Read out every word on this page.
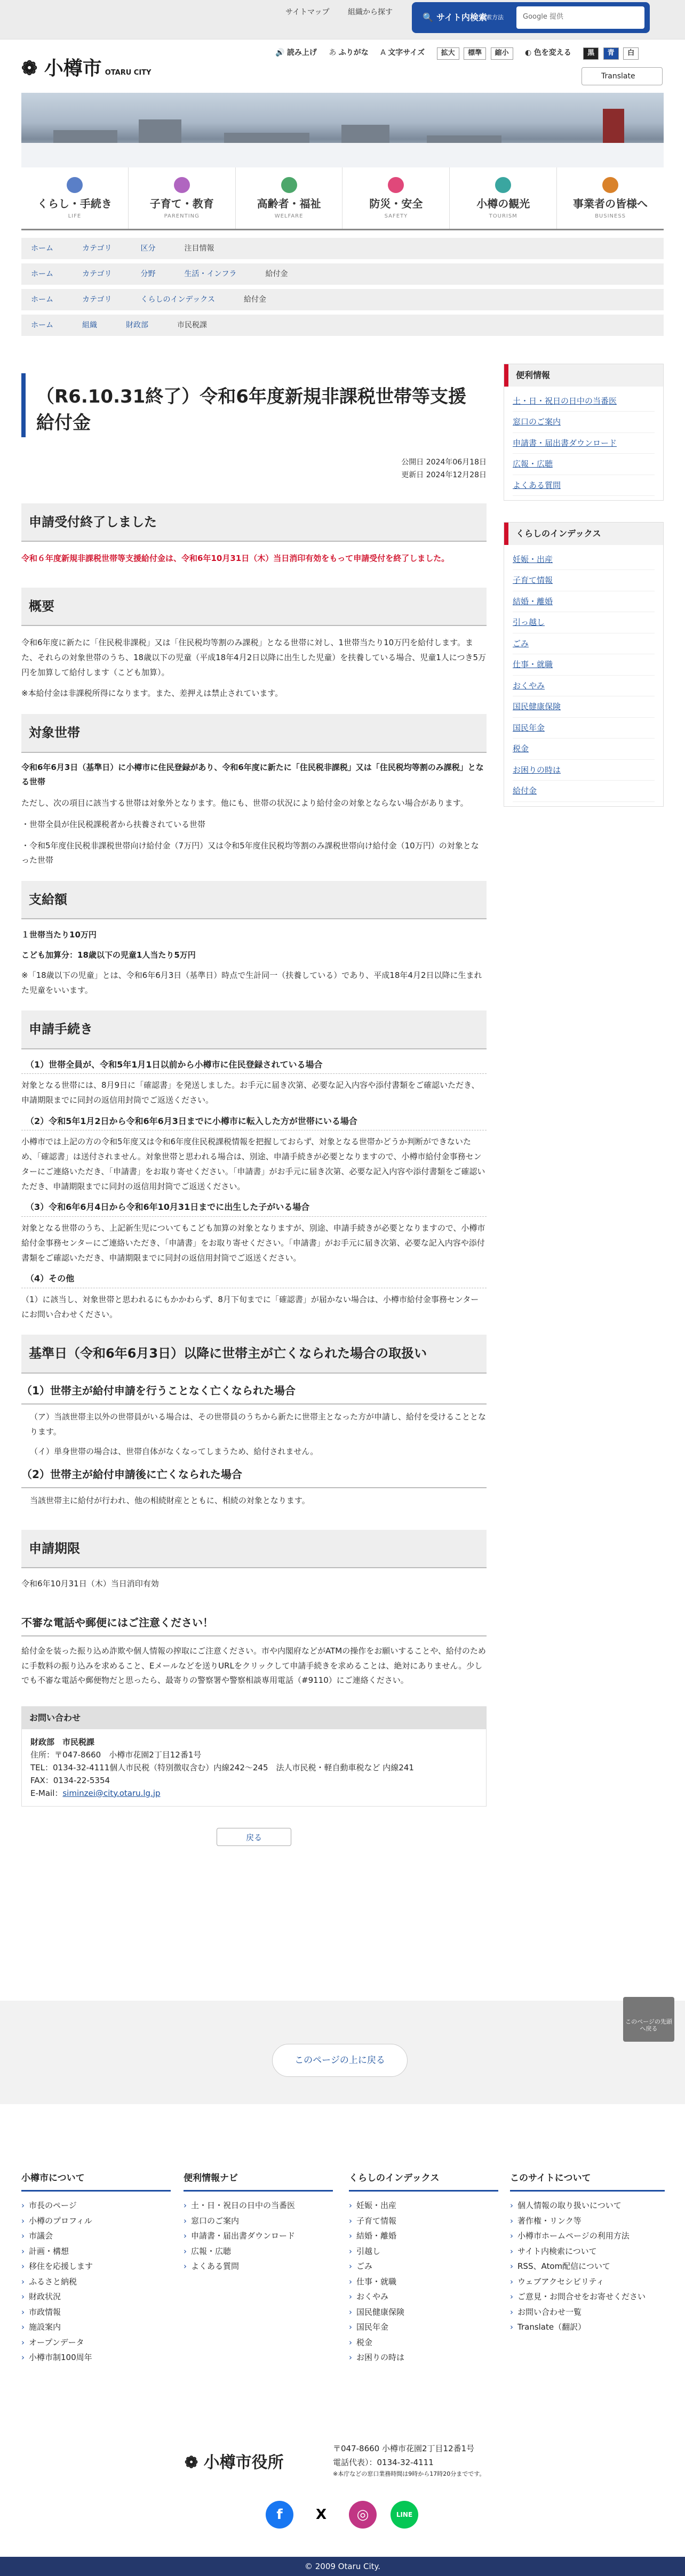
サイトマップ 組織から探す	🔍 サイト内検索
検索方法	Google 提供
❁ 小樽市 OTARU CITY
🔊 読み上げ あ ふりがな A 文字サイズ 拡大 標準 縮小 ◐ 色を変える 黒 青 白
Translate
くらし・手続き
LIFE
子育て・教育
PARENTING
高齢者・福祉
WELFARE
防災・安全
SAFETY
小樽の観光
TOURISM
事業者の皆様へ
BUSINESS
ホーム	カテゴリ	区分	注目情報
ホーム	カテゴリ	分野	生活・インフラ	給付金
ホーム	カテゴリ	くらしのインデックス	給付金
ホーム	組織	財政部	市民税課
（R6.10.31終了）令和6年度新規非課税世帯等支援給付金
公開日 2024年06月18日
更新日 2024年12月28日
申請受付終了しました

令和６年度新規非課税世帯等支援給付金は、令和6年10月31日（木）当日消印有効をもって申請受付を終了しました。

概要

令和6年度に新たに「住民税非課税」又は「住民税均等割のみ課税」となる世帯に対し、1世帯当たり10万円を給付します。また、それらの対象世帯のうち、18歳以下の児童（平成18年4月2日以降に出生した児童）を扶養している場合、児童1人につき5万円を加算して給付します（こども加算）。

※本給付金は非課税所得になります。また、差押えは禁止されています。

対象世帯

令和6年6月3日（基準日）に小樽市に住民登録があり、令和6年度に新たに「住民税非課税」又は「住民税均等割のみ課税」となる世帯

ただし、次の項目に該当する世帯は対象外となります。他にも、世帯の状況により給付金の対象とならない場合があります。

・世帯全員が住民税課税者から扶養されている世帯

・令和5年度住民税非課税世帯向け給付金（7万円）又は令和5年度住民税均等割のみ課税世帯向け給付金（10万円）の対象となった世帯

支給額

１世帯当たり10万円

こども加算分：18歳以下の児童1人当たり5万円

※「18歳以下の児童」とは、令和6年6月3日（基準日）時点で生計同一（扶養している）であり、平成18年4月2日以降に生まれた児童をいいます。

申請手続き
（1）世帯全員が、令和5年1月1日以前から小樽市に住民登録されている場合

対象となる世帯には、8月9日に「確認書」を発送しました。お手元に届き次第、必要な記入内容や添付書類をご確認いただき、申請期限までに同封の返信用封筒でご返送ください。

（2）令和5年1月2日から令和6年6月3日までに小樽市に転入した方が世帯にいる場合

小樽市では上記の方の令和5年度又は令和6年度住民税課税情報を把握しておらず、対象となる世帯かどうか判断ができないため、「確認書」は送付されません。対象世帯と思われる場合は、別途、申請手続きが必要となりますので、小樽市給付金事務センターにご連絡いただき、「申請書」をお取り寄せください。「申請書」がお手元に届き次第、必要な記入内容や添付書類をご確認いただき、申請期限までに同封の返信用封筒でご返送ください。

（3）令和6年6月4日から令和6年10月31日までに出生した子がいる場合

対象となる世帯のうち、上記新生児についてもこども加算の対象となりますが、別途、申請手続きが必要となりますので、小樽市給付金事務センターにご連絡いただき、「申請書」をお取り寄せください。「申請書」がお手元に届き次第、必要な記入内容や添付書類をご確認いただき、申請期限までに同封の返信用封筒でご返送ください。

（4）その他

（1）に該当し、対象世帯と思われるにもかかわらず、8月下旬までに「確認書」が届かない場合は、小樽市給付金事務センターにお問い合わせください。

基準日（令和6年6月3日）以降に世帯主が亡くなられた場合の取扱い
（1）世帯主が給付申請を行うことなく亡くなられた場合

（ア）当該世帯主以外の世帯員がいる場合は、その世帯員のうちから新たに世帯主となった方が申請し、給付を受けることとなります。

（イ）単身世帯の場合は、世帯自体がなくなってしまうため、給付されません。

（2）世帯主が給付申請後に亡くなられた場合

当該世帯主に給付が行われ、他の相続財産とともに、相続の対象となります。

申請期限

令和6年10月31日（木）当日消印有効

不審な電話や郵便にはご注意ください！

給付金を装った振り込め詐欺や個人情報の搾取にご注意ください。市や内閣府などがATMの操作をお願いすることや、給付のために手数料の振り込みを求めること、Eメールなどを送りURLをクリックして申請手続きを求めることは、絶対にありません。少しでも不審な電話や郵便物だと思ったら、最寄りの警察署や警察相談専用電話（#9110）にご連絡ください。

お問い合わせ
財政部　市民税課
住所：〒047-8660　小樽市花園2丁目12番1号
TEL：0134-32-4111個人市民税（特別徴収含む）内線242～245　法人市民税・軽自動車税など 内線241
FAX：0134-22-5354
E-Mail：siminzei@city.otaru.lg.jp
戻る
便利情報
土・日・祝日の日中の当番医
窓口のご案内
申請書・届出書ダウンロード
広報・広聴
よくある質問
くらしのインデックス
妊娠・出産
子育て情報
結婚・離婚
引っ越し
ごみ
仕事・就職
おくやみ
国民健康保険
国民年金
税金
お困りの時は
給付金
このページの先頭へ戻る
このページの上に戻る
小樽市について
› 市長のページ
› 小樽のプロフィル
› 市議会
› 計画・構想
› 移住を応援します
› ふるさと納税
› 財政状況
› 市政情報
› 施設案内
› オープンデータ
› 小樽市制100周年
便利情報ナビ
› 土・日・祝日の日中の当番医
› 窓口のご案内
› 申請書・届出書ダウンロード
› 広報・広聴
› よくある質問
くらしのインデックス
› 妊娠・出産
› 子育て情報
› 結婚・離婚
› 引越し
› ごみ
› 仕事・就職
› おくやみ
› 国民健康保険
› 国民年金
› 税金
› お困りの時は
このサイトについて
› 個人情報の取り扱いについて
› 著作権・リンク等
› 小樽市ホームページの利用方法
› サイト内検索について
› RSS、Atom配信について
› ウェブアクセシビリティ
› ご意見・お問合せをお寄せください
› お問い合わせ一覧
› Translate（翻訳）
❁ 小樽市役所
〒047-8660 小樽市花園2丁目12番1号
電話代表）：0134-32-4111
※本庁などの窓口業務時間は9時から17時20分までです。
f	X	◎	LINE
© 2009 Otaru City.
